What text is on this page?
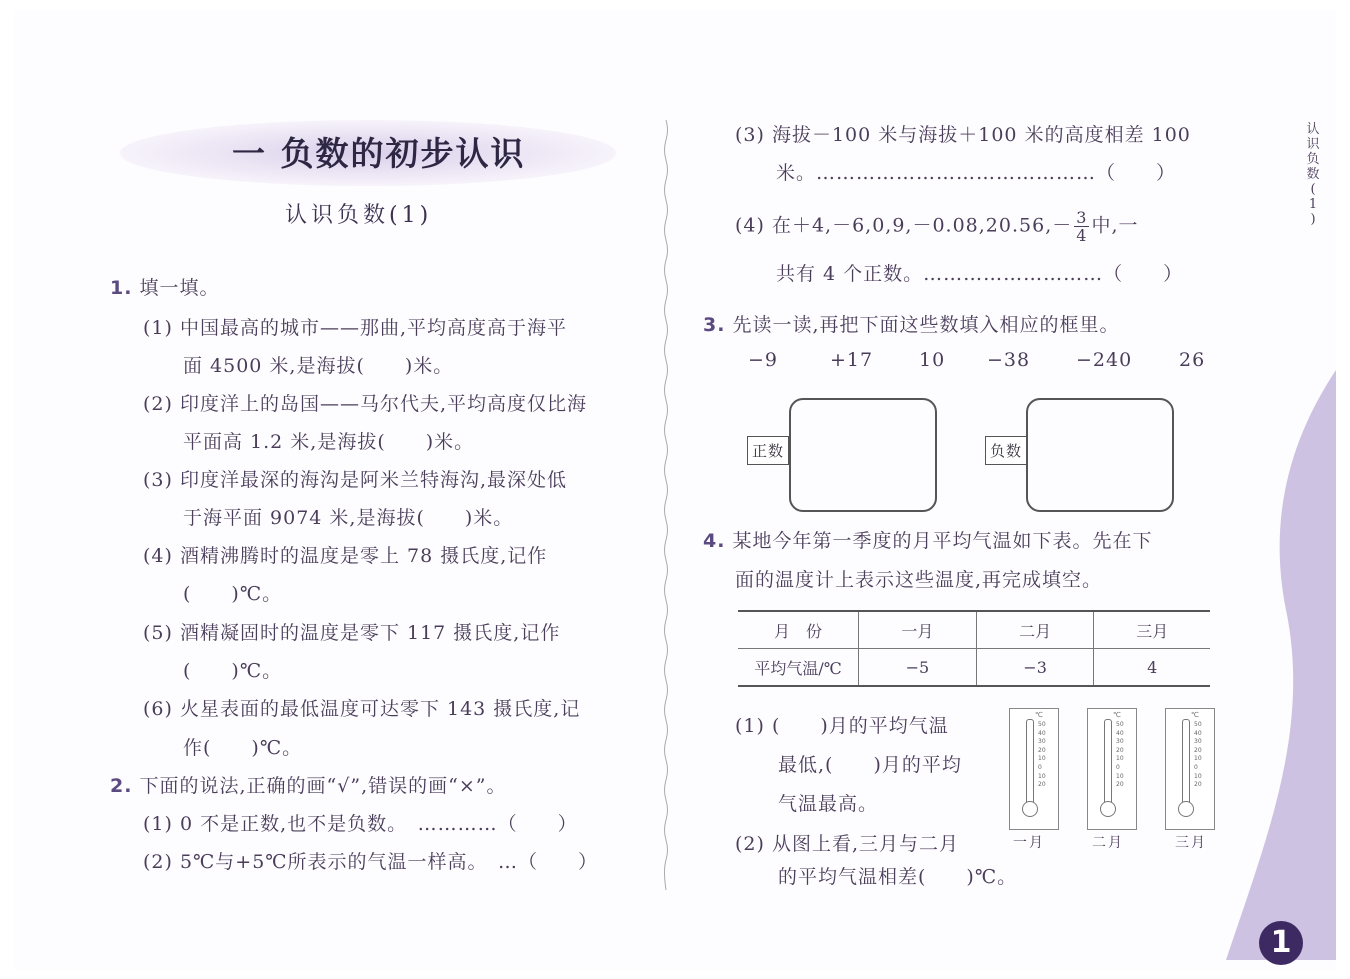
一 负数的初步认识
认识负数(1)
1. 填一填。
(1) 中国最高的城市——那曲,平均高度高于海平
面 4500 米,是海拔(　　)米。
(2) 印度洋上的岛国——马尔代夫,平均高度仅比海
平面高 1.2 米,是海拔(　　)米。
(3) 印度洋最深的海沟是阿米兰特海沟,最深处低
于海平面 9074 米,是海拔(　　)米。
(4) 酒精沸腾时的温度是零上 78 摄氏度,记作
(　　)℃。
(5) 酒精凝固时的温度是零下 117 摄氏度,记作
(　　)℃。
(6) 火星表面的最低温度可达零下 143 摄氏度,记
作(　　)℃。
2. 下面的说法,正确的画“√”,错误的画“×”。
(1) 0 不是正数,也不是负数。　…………（　　）
(2) 5℃与+5℃所表示的气温一样高。　…（　　）
(3) 海拔－100 米与海拔＋100 米的高度相差 100
米。……………………………………（　　）
(4) 在$+4,-6,0,9,-0.08,20.56,- \frac{3}{4}$ 中,一
共有 4 个正数。………………………（　　）
3. 先读一读,再把下面这些数填入相应的框里。
−9	+17 10 −38 −240 26
正数	负数
4. 某地今年第一季度的月平均气温如下表。先在下
面的温度计上表示这些温度,再完成填空。
月　份	一月	二月	三月
平均气温/℃	−5	−3	4
(1) (　　)月的平均气温
最低,(　　)月的平均
气温最高。
(2) 从图上看,三月与二月
的平均气温相差(　　)℃。
℃
50
40
30
20
10
0
10
20
一月
℃
50
40
30
20
10
0
10
20
二月
℃
50
40
30
20
10
0
10
20
三月
认
识
负
数
(
1
)
1
